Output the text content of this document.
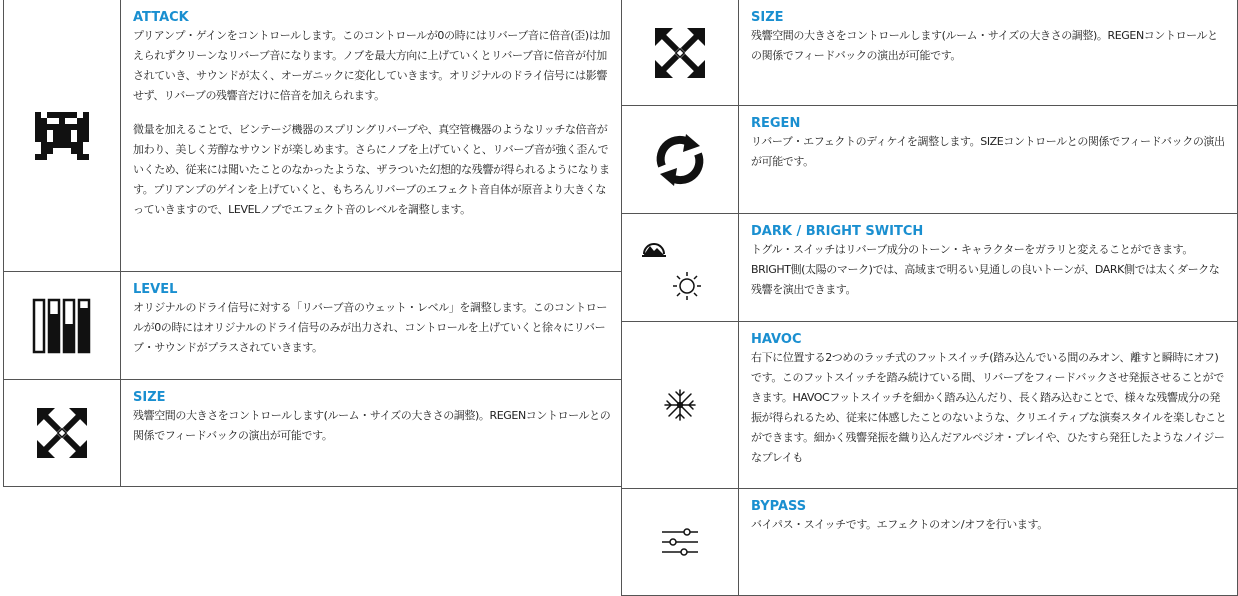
ATTACK

プリアンプ・ゲインをコントロールします。このコントロールが0の時にはリバーブ音に倍音(歪)は加えられずクリーンなリバーブ音になります。ノブを最大方向に上げていくとリバーブ音に倍音が付加されていき、サウンドが太く、オーガニックに変化していきます。オリジナルのドライ信号には影響せず、リバーブの残響音だけに倍音を加えられます。

微量を加えることで、ビンテージ機器のスプリングリバーブや、真空管機器のようなリッチな倍音が加わり、美しく芳醇なサウンドが楽しめます。さらにノブを上げていくと、リバーブ音が強く歪んでいくため、従来には聞いたことのなかったような、ザラついた幻想的な残響が得られるようになります。プリアンプのゲインを上げていくと、もちろんリバーブのエフェクト音自体が原音より大きくなっていきますので、LEVELノブでエフェクト音のレベルを調整します。

LEVEL

オリジナルのドライ信号に対する「リバーブ音のウェット・レベル」を調整します。このコントロールが0の時にはオリジナルのドライ信号のみが出力され、コントロールを上げていくと徐々にリバーブ・サウンドがプラスされていきます。

SIZE

残響空間の大きさをコントロールします(ルーム・サイズの大きさの調整)。REGENコントロールとの関係でフィードバックの演出が可能です。

SIZE

残響空間の大きさをコントロールします(ルーム・サイズの大きさの調整)。REGENコントロールとの関係でフィードバックの演出が可能です。

REGEN

リバーブ・エフェクトのディケイを調整します。SIZEコントロールとの関係でフィードバックの演出が可能です。

DARK / BRIGHT SWITCH

トグル・スイッチはリバーブ成分のトーン・キャラクターをガラリと変えることができます。BRIGHT側(太陽のマーク)では、高域まで明るい見通しの良いトーンが、DARK側では太くダークな残響を演出できます。

HAVOC

右下に位置する2つめのラッチ式のフットスイッチ(踏み込んでいる間のみオン、離すと瞬時にオフ)です。このフットスイッチを踏み続けている間、リバーブをフィードバックさせ発振させることができます。HAVOCフットスイッチを細かく踏み込んだり、長く踏み込むことで、様々な残響成分の発振が得られるため、従来に体感したことのないような、クリエイティブな演奏スタイルを楽しむことができます。細かく残響発振を織り込んだアルペジオ・プレイや、ひたすら発狂したようなノイジーなプレイも

BYPASS

バイパス・スイッチです。エフェクトのオン/オフを行います。
